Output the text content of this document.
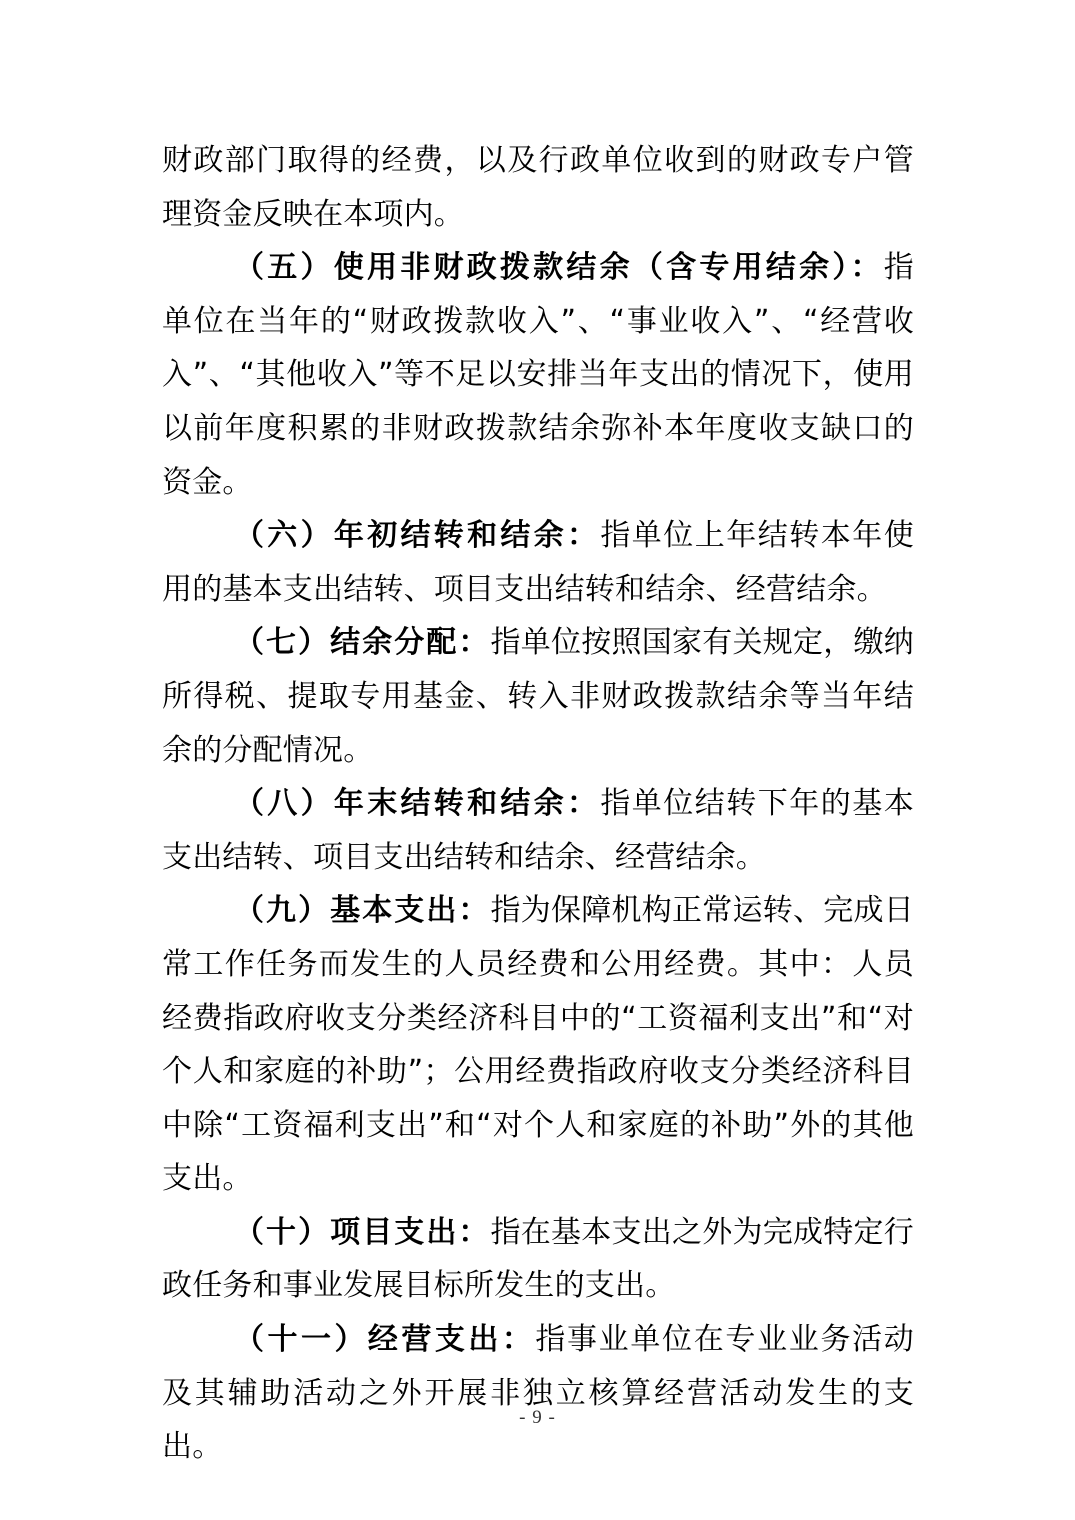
财政部门取得的经费，以及行政单位收到的财政专户管理资金反映在本项内。

（五）使用非财政拨款结余（含专用结余）：指单位在当年的“财政拨款收入”、“事业收入”、“经营收入”、“其他收入”等不足以安排当年支出的情况下，使用以前年度积累的非财政拨款结余弥补本年度收支缺口的资金。

（六）年初结转和结余：指单位上年结转本年使用的基本支出结转、项目支出结转和结余、经营结余。

（七）结余分配：指单位按照国家有关规定，缴纳所得税、提取专用基金、转入非财政拨款结余等当年结余的分配情况。

（八）年末结转和结余：指单位结转下年的基本支出结转、项目支出结转和结余、经营结余。

（九）基本支出：指为保障机构正常运转、完成日常工作任务而发生的人员经费和公用经费。其中：人员经费指政府收支分类经济科目中的“工资福利支出”和“对个人和家庭的补助”；公用经费指政府收支分类经济科目中除“工资福利支出”和“对个人和家庭的补助”外的其他支出。

（十）项目支出：指在基本支出之外为完成特定行政任务和事业发展目标所发生的支出。

（十一）经营支出：指事业单位在专业业务活动及其辅助活动之外开展非独立核算经营活动发生的支出。

- 9 -
